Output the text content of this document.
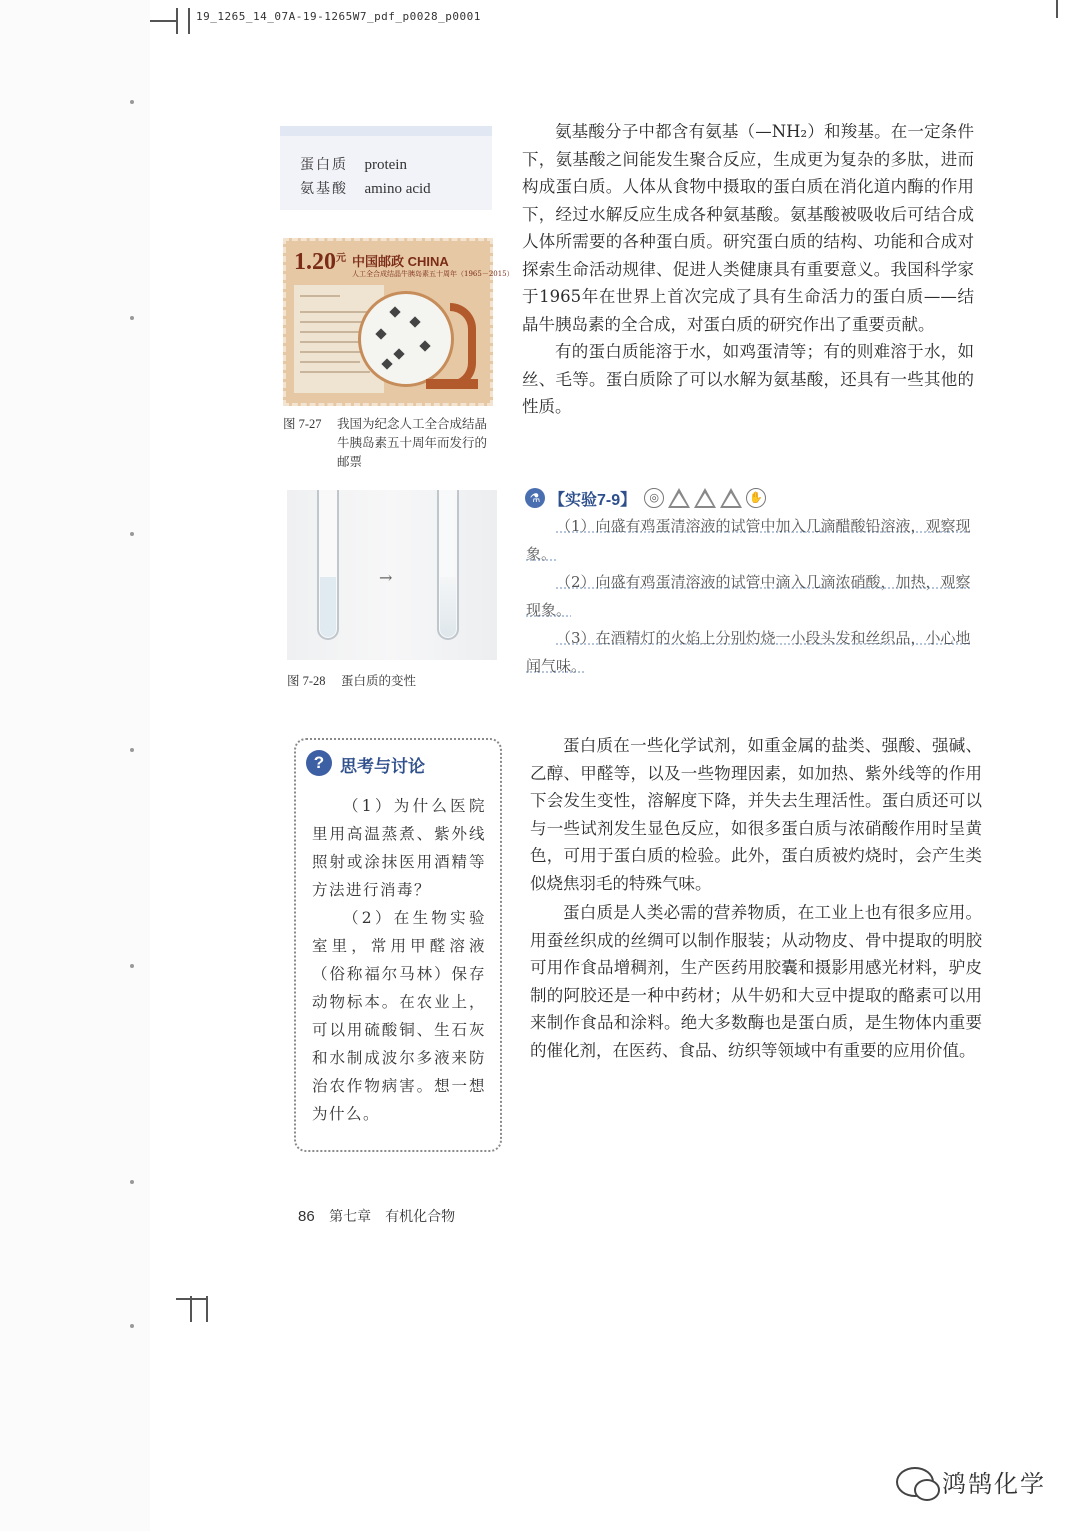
19_1265_14_07A-19-1265W7_pdf_p0028_p0001
蛋白质 protein
氨基酸 amino acid
$1.20^元$ 中国邮政 CHINA
人工全合成结晶牛胰岛素五十周年（1965－2015）
图 7-27 我国为纪念人工全合成结晶牛胰岛素五十周年而发行的邮票
→
图 7-28 蛋白质的变性

氨基酸分子中都含有氨基（—NH₂）和羧基。在一定条件下，氨基酸之间能发生聚合反应，生成更为复杂的多肽，进而构成蛋白质。人体从食物中摄取的蛋白质在消化道内酶的作用下，经过水解反应生成各种氨基酸。氨基酸被吸收后可结合成人体所需要的各种蛋白质。研究蛋白质的结构、功能和合成对探索生命活动规律、促进人类健康具有重要意义。我国科学家于1965年在世界上首次完成了具有生命活力的蛋白质——结晶牛胰岛素的全合成，对蛋白质的研究作出了重要贡献。

有的蛋白质能溶于水，如鸡蛋清等；有的则难溶于水，如丝、毛等。蛋白质除了可以水解为氨基酸，还具有一些其他的性质。

⚗ 【实验7-9】	◎	✋

（1）向盛有鸡蛋清溶液的试管中加入几滴醋酸铅溶液，观察现象。

（2）向盛有鸡蛋清溶液的试管中滴入几滴浓硝酸，加热，观察现象。

（3）在酒精灯的火焰上分别灼烧一小段头发和丝织品，小心地闻气味。

蛋白质在一些化学试剂，如重金属的盐类、强酸、强碱、乙醇、甲醛等，以及一些物理因素，如加热、紫外线等的作用下会发生变性，溶解度下降，并失去生理活性。蛋白质还可以与一些试剂发生显色反应，如很多蛋白质与浓硝酸作用时呈黄色，可用于蛋白质的检验。此外，蛋白质被灼烧时，会产生类似烧焦羽毛的特殊气味。

蛋白质是人类必需的营养物质，在工业上也有很多应用。用蚕丝织成的丝绸可以制作服装；从动物皮、骨中提取的明胶可用作食品增稠剂，生产医药用胶囊和摄影用感光材料，驴皮制的阿胶还是一种中药材；从牛奶和大豆中提取的酪素可以用来制作食品和涂料。绝大多数酶也是蛋白质，是生物体内重要的催化剂，在医药、食品、纺织等领域中有重要的应用价值。

? 思考与讨论

（1）为什么医院里用高温蒸煮、紫外线照射或涂抹医用酒精等方法进行消毒？

（2）在生物实验室里，常用甲醛溶液（俗称福尔马林）保存动物标本。在农业上，可以用硫酸铜、生石灰和水制成波尔多液来防治农作物病害。想一想为什么。

86 第七章　有机化合物
鸿鹄化学
